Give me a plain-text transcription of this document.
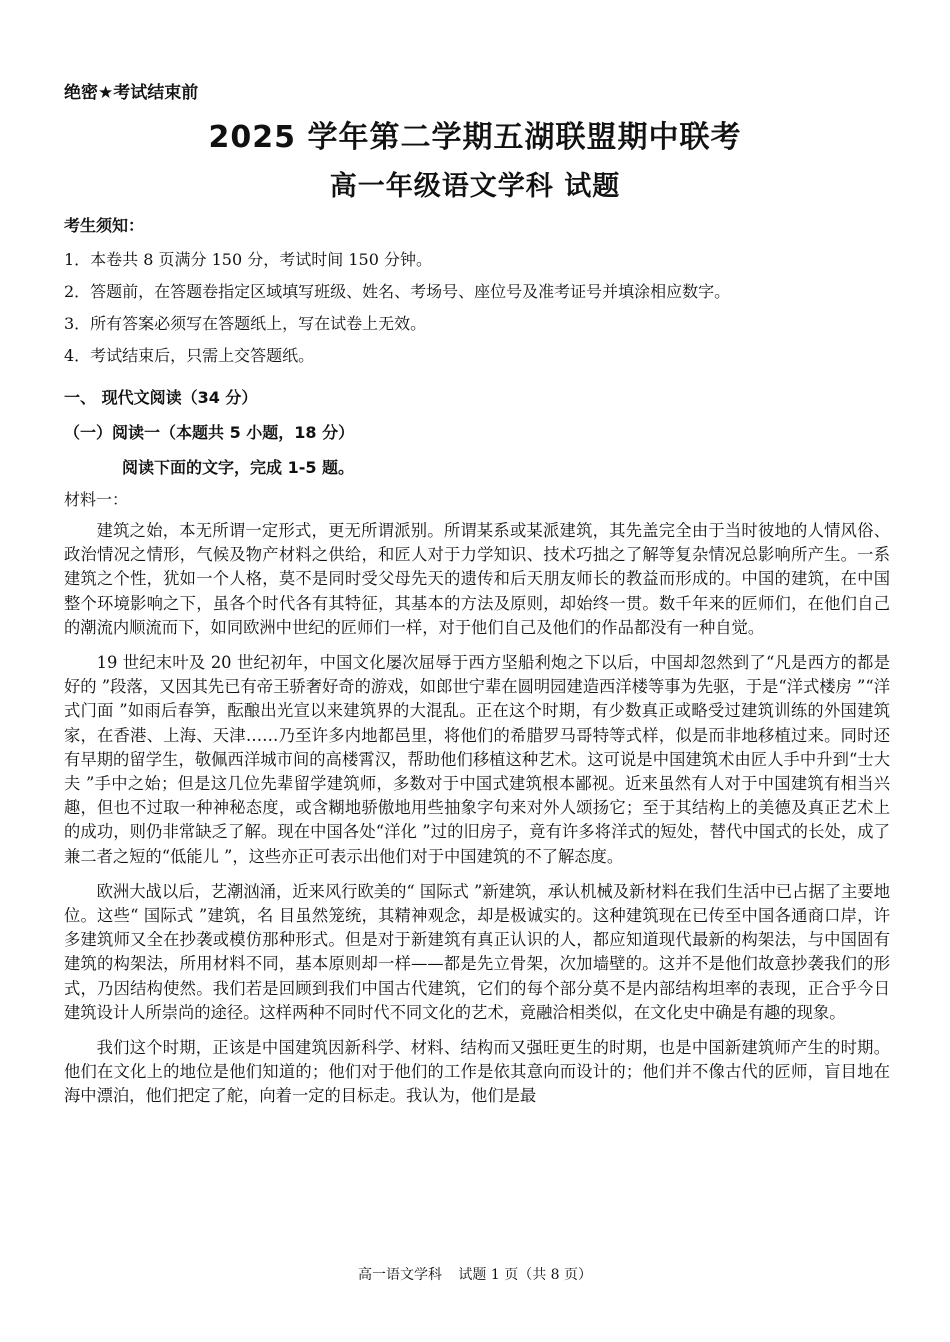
绝密★考试结束前
2025 学年第二学期五湖联盟期中联考
高一年级语文学科 试题
考生须知：
1．本卷共 8 页满分 150 分，考试时间 150 分钟。
2．答题前，在答题卷指定区域填写班级、姓名、考场号、座位号及准考证号并填涂相应数字。
3．所有答案必须写在答题纸上，写在试卷上无效。
4．考试结束后，只需上交答题纸。
一、 现代文阅读（34 分）
（一）阅读一（本题共 5 小题，18 分）
阅读下面的文字，完成 1-5 题。
材料一：

建筑之始，本无所谓一定形式，更无所谓派别。所谓某系或某派建筑，其先盖完全由于当时彼地的人情风俗、政治情况之情形，气候及物产材料之供给，和匠人对于力学知识、技术巧拙之了解等复杂情况总影响所产生。一系建筑之个性，犹如一个人格，莫不是同时受父母先天的遗传和后天朋友师长的教益而形成的。中国的建筑，在中国整个环境影响之下，虽各个时代各有其特征，其基本的方法及原则，却始终一贯。数千年来的匠师们，在他们自己的潮流内顺流而下，如同欧洲中世纪的匠师们一样，对于他们自己及他们的作品都没有一种自觉。

19 世纪末叶及 20 世纪初年，中国文化屡次屈辱于西方坚船利炮之下以后，中国却忽然到了“凡是西方的都是好的 ”段落，又因其先已有帝王骄奢好奇的游戏，如郎世宁辈在圆明园建造西洋楼等事为先驱，于是“洋式楼房 ”“洋式门面 ”如雨后春笋，酝酿出光宣以来建筑界的大混乱。正在这个时期，有少数真正或略受过建筑训练的外国建筑家，在香港、上海、天津……乃至许多内地都邑里，将他们的希腊罗马哥特等式样，似是而非地移植过来。同时还有早期的留学生，敬佩西洋城市间的高楼霄汉，帮助他们移植这种艺术。这可说是中国建筑术由匠人手中升到“士大夫 ”手中之始；但是这几位先辈留学建筑师，多数对于中国式建筑根本鄙视。近来虽然有人对于中国建筑有相当兴趣，但也不过取一种神秘态度，或含糊地骄傲地用些抽象字句来对外人颂扬它；至于其结构上的美德及真正艺术上的成功，则仍非常缺乏了解。现在中国各处“洋化 ”过的旧房子，竟有许多将洋式的短处，替代中国式的长处，成了兼二者之短的“低能儿 ”，这些亦正可表示出他们对于中国建筑的不了解态度。

欧洲大战以后，艺潮汹涌，近来风行欧美的“ 国际式 ”新建筑，承认机械及新材料在我们生活中已占据了主要地位。这些“ 国际式 ”建筑，名 目虽然笼统，其精神观念，却是极诚实的。这种建筑现在已传至中国各通商口岸，许多建筑师又全在抄袭或模仿那种形式。但是对于新建筑有真正认识的人，都应知道现代最新的构架法，与中国固有建筑的构架法，所用材料不同，基本原则却一样——都是先立骨架，次加墙壁的。这并不是他们故意抄袭我们的形式，乃因结构使然。我们若是回顾到我们中国古代建筑，它们的每个部分莫不是内部结构坦率的表现，正合乎今日建筑设计人所崇尚的途径。这样两种不同时代不同文化的艺术，竟融洽相类似，在文化史中确是有趣的现象。

我们这个时期，正该是中国建筑因新科学、材料、结构而又强旺更生的时期，也是中国新建筑师产生的时期。他们在文化上的地位是他们知道的；他们对于他们的工作是依其意向而设计的；他们并不像古代的匠师，盲目地在海中漂泊，他们把定了舵，向着一定的目标走。我认为，他们是最

高一语文学科 试题 1 页（共 8 页）
